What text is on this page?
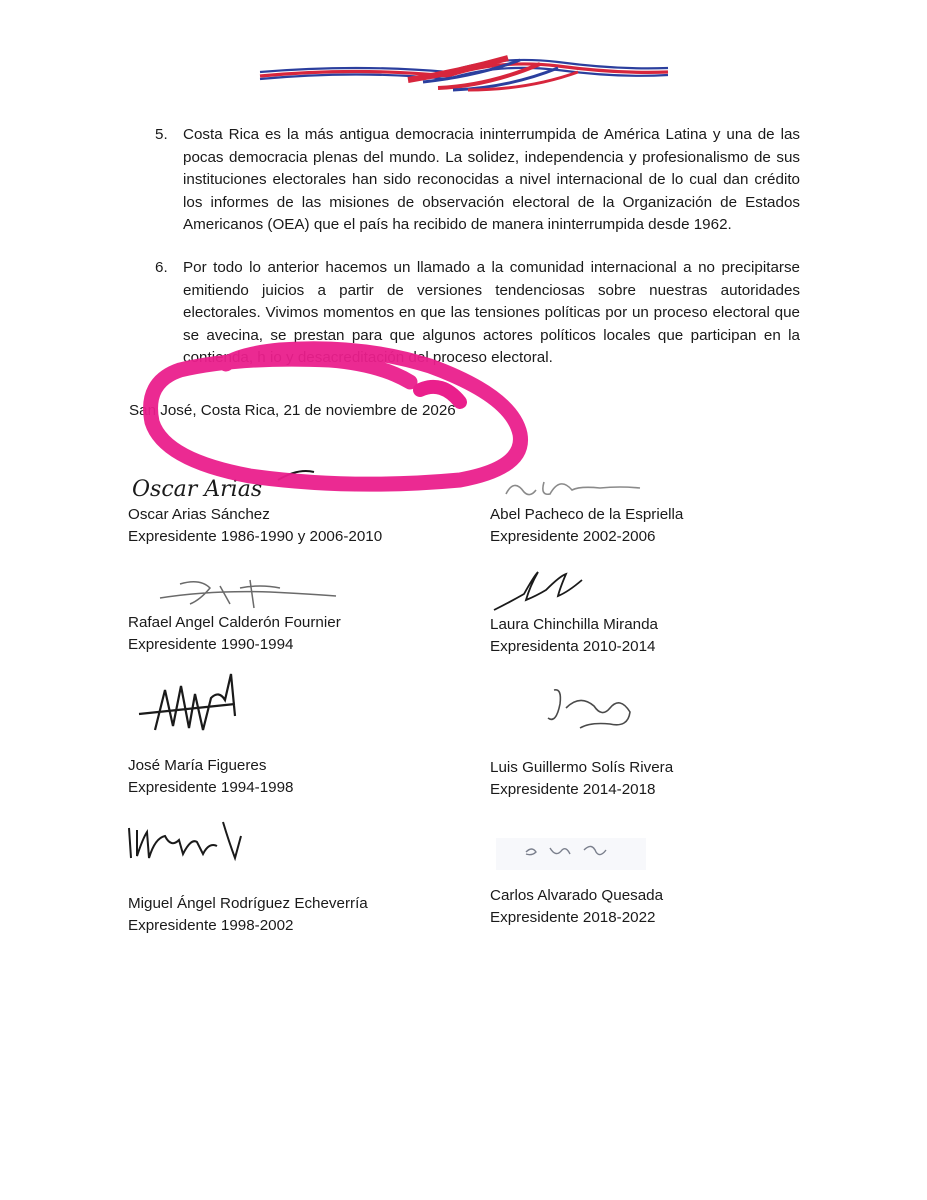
5.	Costa Rica es la más antigua democracia ininterrumpida de América Latina y una de las pocas democracia plenas del mundo. La solidez, independencia y profesionalismo de sus instituciones electorales han sido reconocidas a nivel internacional de lo cual dan crédito los informes de las misiones de observación electoral de la Organización de Estados Americanos (OEA) que el país ha recibido de manera ininterrumpida desde 1962.
6.	Por todo lo anterior hacemos un llamado a la comunidad internacional a no precipitarse emitiendo juicios a partir de versiones tendenciosas sobre nuestras autoridades electorales. Vivimos momentos en que las tensiones políticas por un proceso electoral que se avecina, se prestan para que algunos actores políticos locales que participan en la contienda, h io y desacreditación del proceso electoral.
San José, Costa Rica, 21 de noviembre de 2026
Oscar Arias
Oscar Arias Sánchez
Expresidente 1986-1990 y 2006-2010
Abel Pacheco de la Espriella
Expresidente 2002-2006
Rafael Angel Calderón Fournier
Expresidente 1990-1994
Laura Chinchilla Miranda
Expresidenta 2010-2014
José María Figueres
Expresidente 1994-1998
Luis Guillermo Solís Rivera
Expresidente 2014-2018
Miguel Ángel Rodríguez Echeverría
Expresidente 1998-2002
Carlos Alvarado Quesada
Expresidente 2018-2022
